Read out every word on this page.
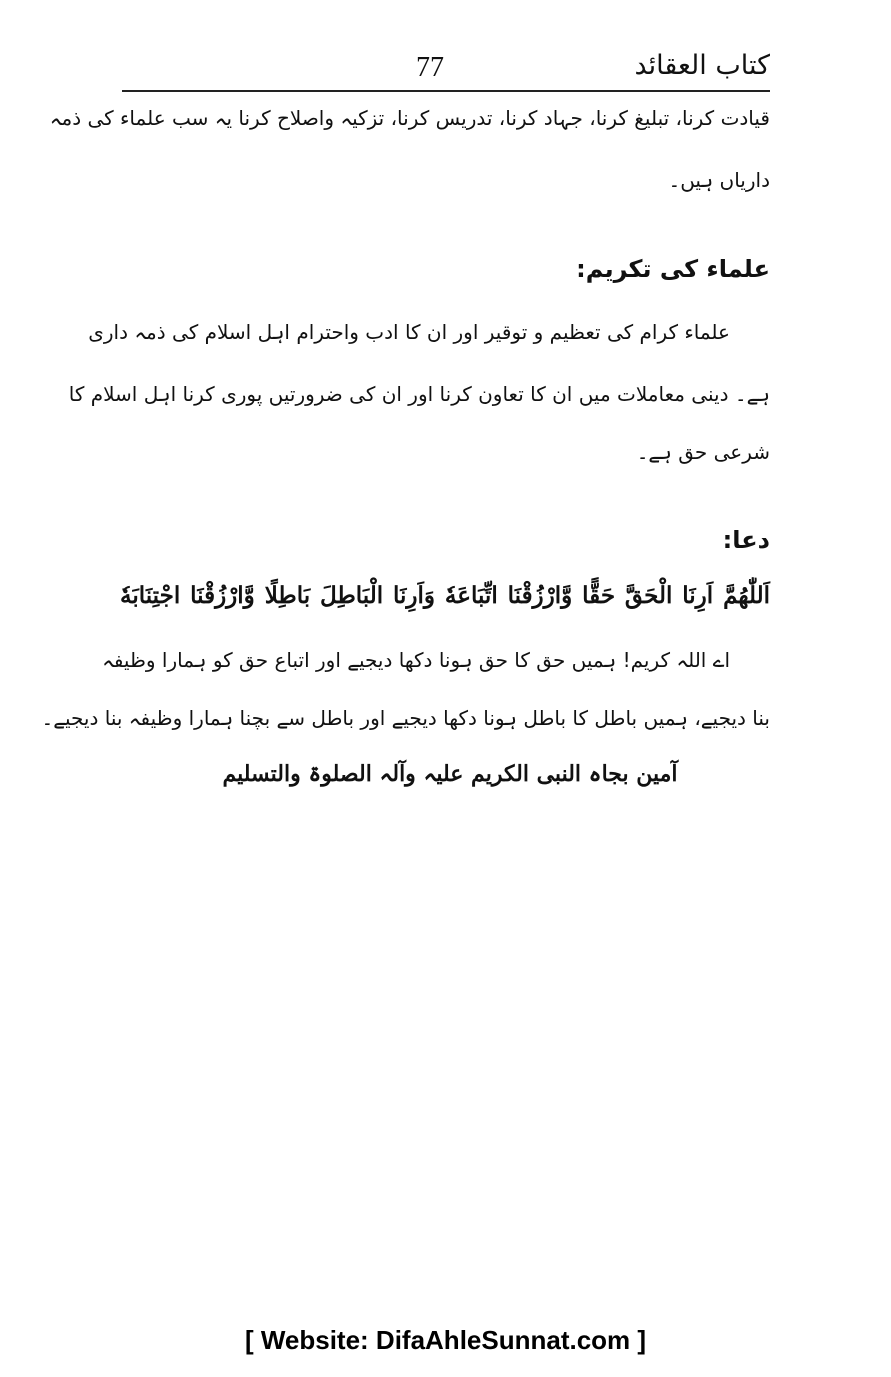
کتاب العقائد
77
قیادت کرنا، تبلیغ کرنا، جہاد کرنا، تدریس کرنا، تزکیہ واصلاح کرنا یہ سب علماء کی ذمہ
داریاں ہیں۔
علماء کی تکریم:
علماء کرام کی تعظیم و توقیر اور ان کا ادب واحترام اہل اسلام کی ذمہ داری
ہے۔ دینی معاملات میں ان کا تعاون کرنا اور ان کی ضرورتیں پوری کرنا اہل اسلام کا
شرعی حق ہے۔
دعا:
اَللّٰھُمَّ اَرِنَا الْحَقَّ حَقًّا وَّارْزُقْنَا اتِّبَاعَهٗ وَاَرِنَا الْبَاطِلَ بَاطِلًا وَّارْزُقْنَا اجْتِنَابَهٗ
اے اللہ کریم! ہمیں حق کا حق ہونا دکھا دیجیے اور اتباع حق کو ہمارا وظیفہ
بنا دیجیے، ہمیں باطل کا باطل ہونا دکھا دیجیے اور باطل سے بچنا ہمارا وظیفہ بنا دیجیے۔
آمین بجاہ النبی الکریم علیہ وآلہ الصلوۃ والتسلیم
[ Website: DifaAhleSunnat.com ]
